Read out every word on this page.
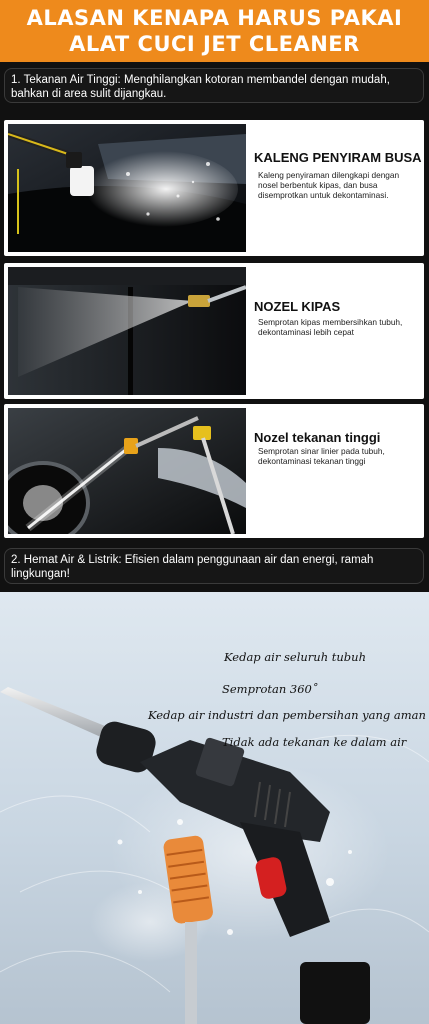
ALASAN KENAPA HARUS PAKAI
ALAT CUCI JET CLEANER
1. Tekanan Air Tinggi: Menghilangkan kotoran membandel dengan mudah, bahkan di area sulit dijangkau.
KALENG PENYIRAM BUSA
Kaleng penyiraman dilengkapi dengan nosel berbentuk kipas, dan busa disemprotkan untuk dekontaminasi.
NOZEL KIPAS
Semprotan kipas membersihkan tubuh, dekontaminasi lebih cepat
Nozel tekanan tinggi
Semprotan sinar linier pada tubuh, dekontaminasi tekanan tinggi
2. Hemat Air & Listrik: Efisien dalam penggunaan air dan energi, ramah lingkungan!
Kedap air seluruh tubuh
Semprotan 360˚
Kedap air industri dan pembersihan yang aman
Tidak ada tekanan ke dalam air
